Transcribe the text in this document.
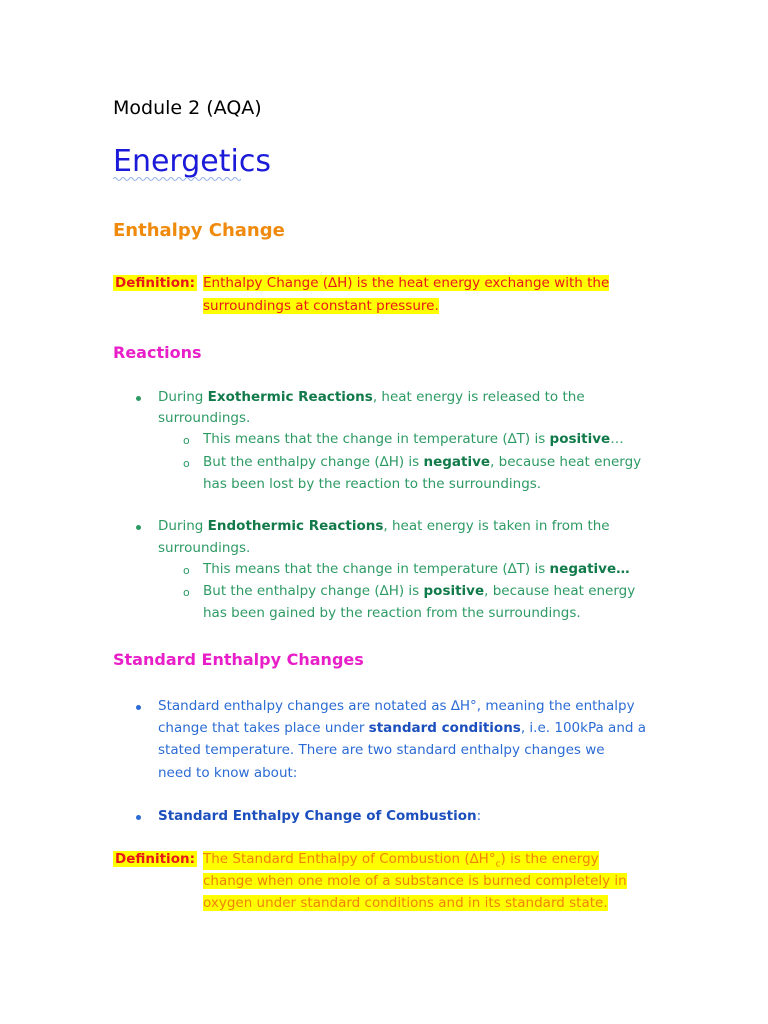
Module 2 (AQA)
Energetics
Enthalpy Change
Definition: Enthalpy Change (∆H) is the heat energy exchange with the
surroundings at constant pressure.
Reactions
During Exothermic Reactions, heat energy is released to the
surroundings.
o This means that the change in temperature (∆T) is positive…
o But the enthalpy change (∆H) is negative, because heat energy
has been lost by the reaction to the surroundings.
During Endothermic Reactions, heat energy is taken in from the
surroundings.
o This means that the change in temperature (∆T) is negative…
o But the enthalpy change (∆H) is positive, because heat energy
has been gained by the reaction from the surroundings.
Standard Enthalpy Changes
Standard enthalpy changes are notated as ∆H°, meaning the enthalpy
change that takes place under standard conditions, i.e. 100kPa and a
stated temperature. There are two standard enthalpy changes we
need to know about:
Standard Enthalpy Change of Combustion:
Definition: The Standard Enthalpy of Combustion $(\Delta H^\circ_c)$ is the energy
change when one mole of a substance is burned completely in
oxygen under standard conditions and in its standard state.
